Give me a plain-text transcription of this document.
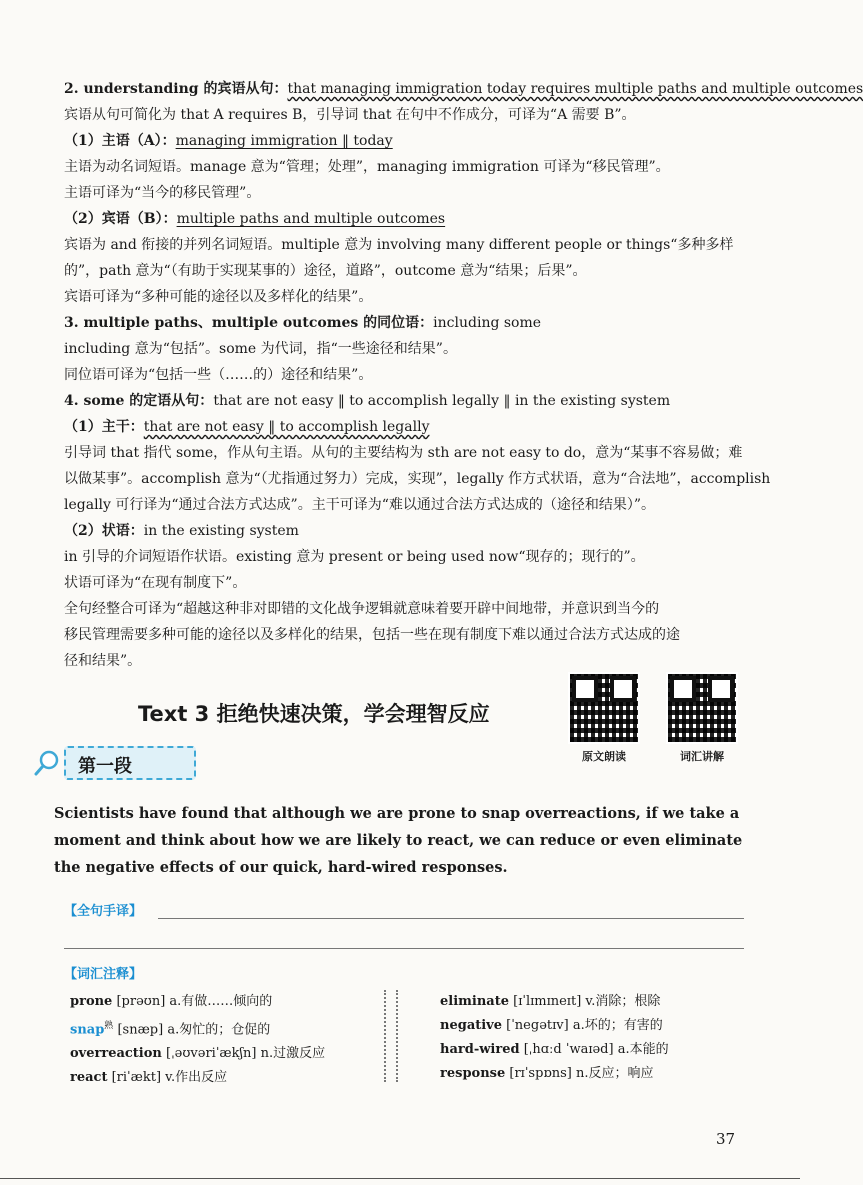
2. understanding 的宾语从句：that managing immigration today requires multiple paths and multiple outcomes
宾语从句可简化为 that A requires B，引导词 that 在句中不作成分，可译为“A 需要 B”。
（1）主语（A）：managing immigration ‖ today
主语为动名词短语。manage 意为“管理；处理”，managing immigration 可译为“移民管理”。
主语可译为“当今的移民管理”。
（2）宾语（B）：multiple paths and multiple outcomes
宾语为 and 衔接的并列名词短语。multiple 意为 involving many different people or things“多种多样
的”，path 意为“（有助于实现某事的）途径，道路”，outcome 意为“结果；后果”。
宾语可译为“多种可能的途径以及多样化的结果”。
3. multiple paths、multiple outcomes 的同位语：including some
including 意为“包括”。some 为代词，指“一些途径和结果”。
同位语可译为“包括一些（……的）途径和结果”。
4. some 的定语从句：that are not easy ‖ to accomplish legally ‖ in the existing system
（1）主干：that are not easy ‖ to accomplish legally
引导词 that 指代 some，作从句主语。从句的主要结构为 sth are not easy to do，意为“某事不容易做；难
以做某事”。accomplish 意为“（尤指通过努力）完成，实现”，legally 作方式状语，意为“合法地”，accomplish
legally 可行译为“通过合法方式达成”。主干可译为“难以通过合法方式达成的（途径和结果）”。
（2）状语：in the existing system
in 引导的介词短语作状语。existing 意为 present or being used now“现存的；现行的”。
状语可译为“在现有制度下”。
全句经整合可译为“超越这种非对即错的文化战争逻辑就意味着要开辟中间地带，并意识到当今的
移民管理需要多种可能的途径以及多样化的结果，包括一些在现有制度下难以通过合法方式达成的途
径和结果”。
Text 3 拒绝快速决策，学会理智反应
原文朗读	词汇讲解
第一段
Scientists have found that although we are prone to snap overreactions, if we take a moment and think about how we are likely to react, we can reduce or even eliminate the negative effects of our quick, hard-wired responses.
【全句手译】
【词汇注释】
prone [prəʊn] a.有做……倾向的
snap$^熟$ [snæp] a.匆忙的；仓促的
overreaction [ˌəʊvəriˈækʃn] n.过激反应
react [riˈækt] v.作出反应
eliminate [ɪˈlɪmɪneɪt] v.消除；根除
negative [ˈnegətɪv] a.坏的；有害的
hard-wired [ˌhɑːd ˈwaɪəd] a.本能的
response [rɪˈspɒns] n.反应；响应
37
